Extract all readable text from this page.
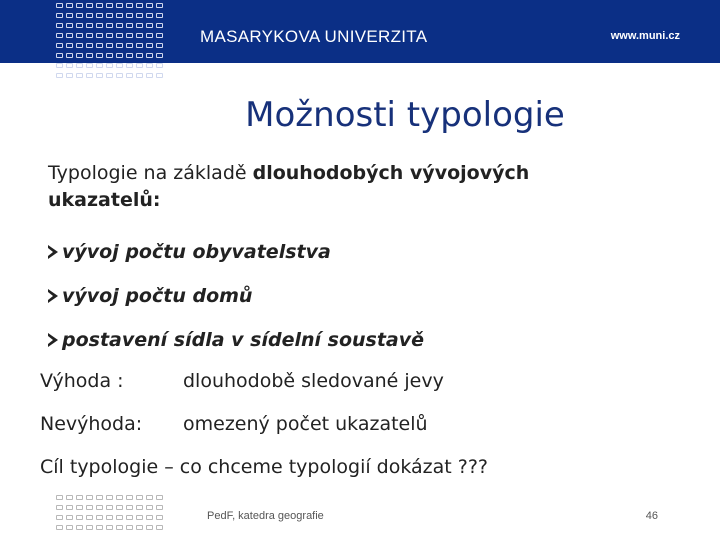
MASARYKOVA UNIVERZITA	www.muni.cz
Možnosti typologie
Typologie na základě dlouhodobých vývojových
ukazatelů:
vývoj počtu obyvatelstva
vývoj počtu domů
postavení sídla v sídelní soustavě
Výhoda :	dlouhodobě sledované jevy
Nevýhoda:	omezený počet ukazatelů
Cíl typologie – co chceme typologií dokázat ???
PedF, katedra geografie	46
